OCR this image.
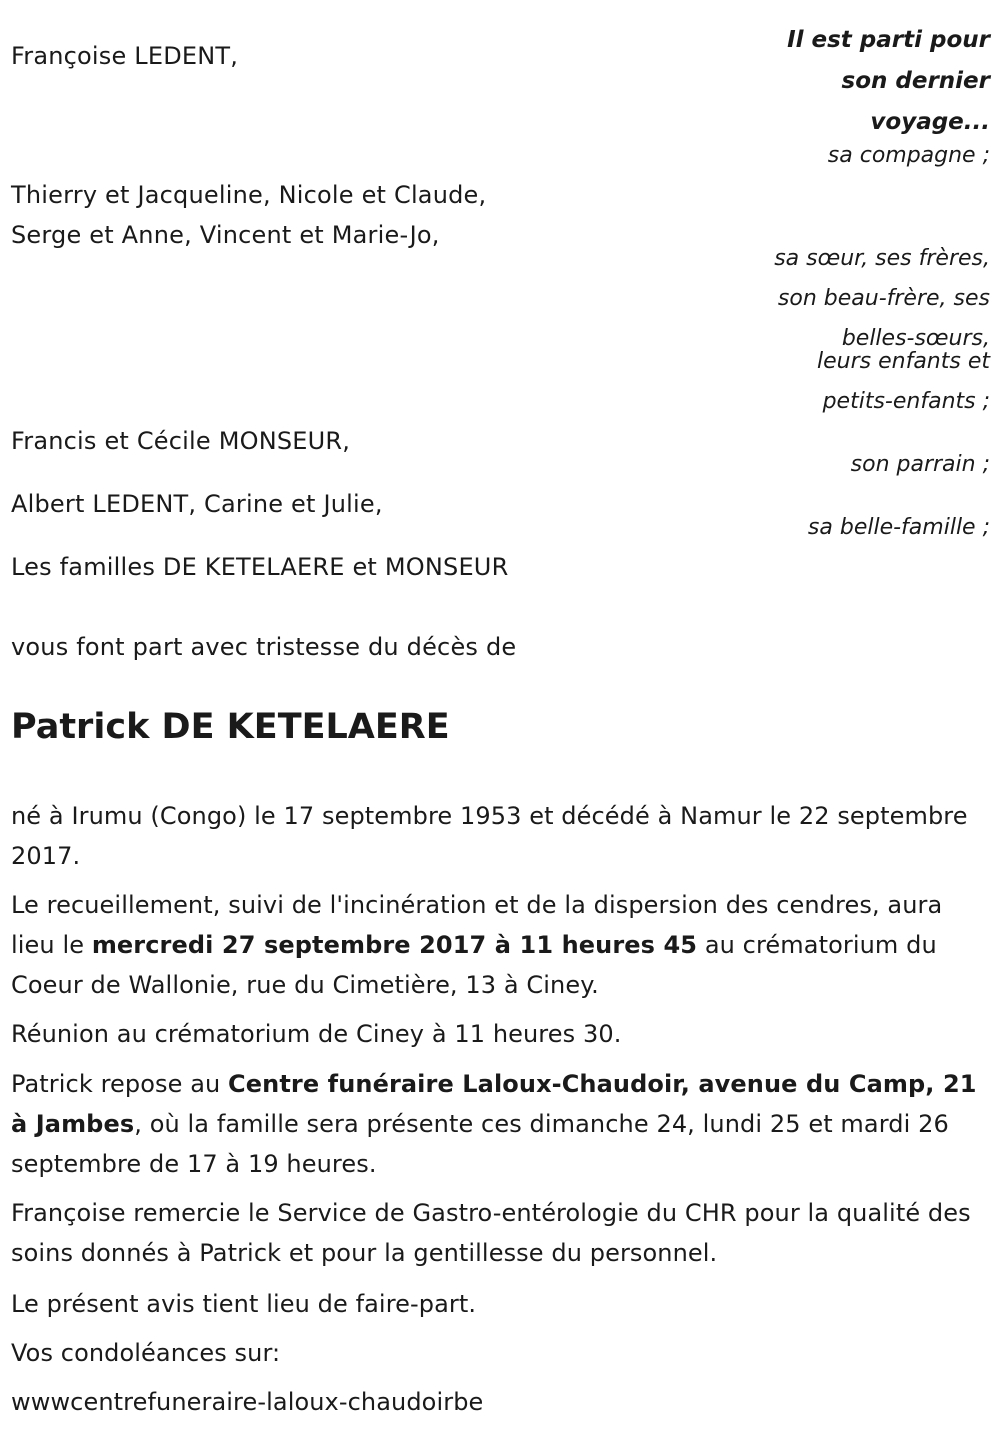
Il est parti pour
son dernier
voyage...
Françoise LEDENT,
sa compagne ;
Thierry et Jacqueline, Nicole et Claude,
Serge et Anne, Vincent et Marie-Jo,
sa sœur, ses frères,
son beau-frère, ses
belles-sœurs,
leurs enfants et
petits-enfants ;
Francis et Cécile MONSEUR,
son parrain ;
Albert LEDENT, Carine et Julie,
sa belle-famille ;
Les familles DE KETELAERE et MONSEUR
vous font part avec tristesse du décès de
Patrick DE KETELAERE
né à Irumu (Congo) le 17 septembre 1953 et décédé à Namur le 22 septembre 2017.
Le recueillement, suivi de l'incinération et de la dispersion des cendres, aura lieu le mercredi 27 septembre 2017 à 11 heures 45 au crématorium du Coeur de Wallonie, rue du Cimetière, 13 à Ciney.
Réunion au crématorium de Ciney à 11 heures 30.
Patrick repose au Centre funéraire Laloux-Chaudoir, avenue du Camp, 21 à Jambes, où la famille sera présente ces dimanche 24, lundi 25 et mardi 26 septembre de 17 à 19 heures.
Françoise remercie le Service de Gastro-entérologie du CHR pour la qualité des soins donnés à Patrick et pour la gentillesse du personnel.
Le présent avis tient lieu de faire-part.
Vos condoléances sur:
wwwcentrefuneraire-laloux-chaudoirbe
